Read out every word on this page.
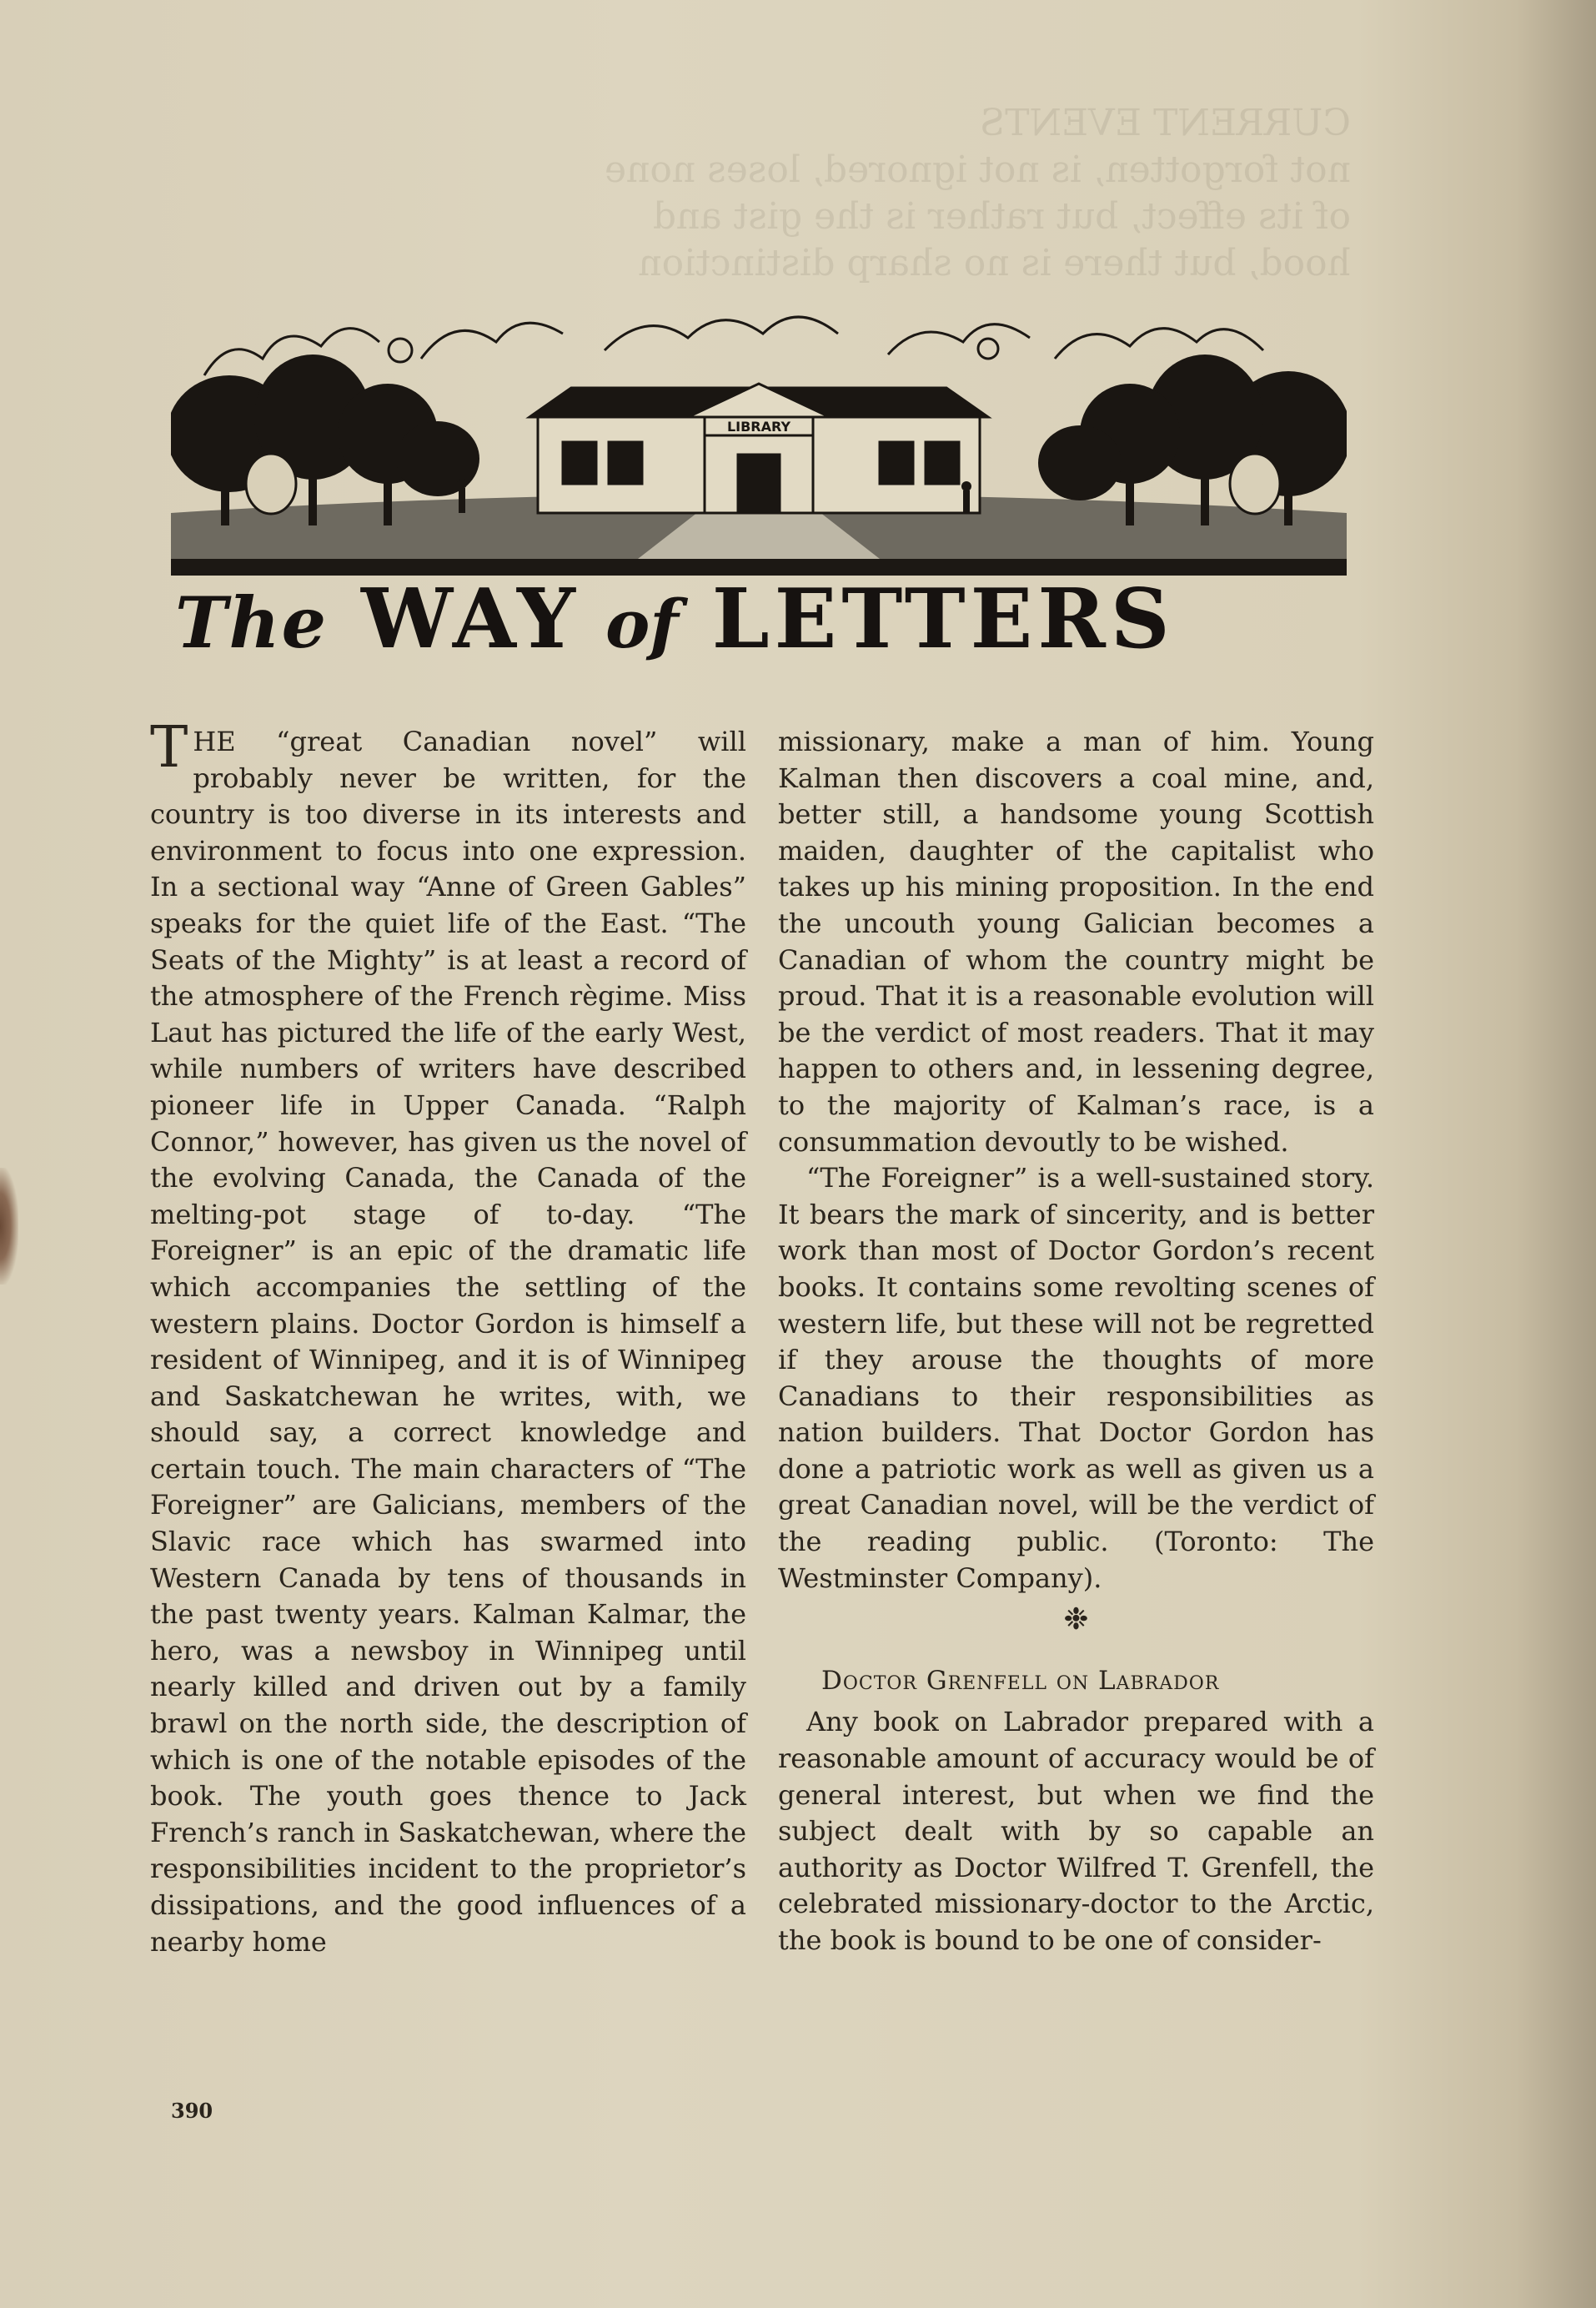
CURRENT EVENTS
not forgotten, is not ignored, loses none
of its effect, but rather is the gist and
hood, but there is no sharp distinction
LIBRARY
The WAY of LETTERS

THE “great Canadian novel” will probably never be written, for the country is too diverse in its interests and environment to focus into one expression. In a sectional way “Anne of Green Gables” speaks for the quiet life of the East. “The Seats of the Mighty” is at least a record of the atmosphere of the French règime. Miss Laut has pictured the life of the early West, while numbers of writers have described pioneer life in Upper Canada. “Ralph Connor,” however, has given us the novel of the evolving Canada, the Canada of the melting-pot stage of to-day. “The Foreigner” is an epic of the dramatic life which accompanies the settling of the western plains. Doctor Gordon is himself a resident of Winnipeg, and it is of Winnipeg and Saskatchewan he writes, with, we should say, a correct knowledge and certain touch. The main characters of “The Foreigner” are Galicians, members of the Slavic race which has swarmed into Western Canada by tens of thousands in the past twenty years. Kalman Kalmar, the hero, was a newsboy in Winnipeg until nearly killed and driven out by a family brawl on the north side, the description of which is one of the notable episodes of the book. The youth goes thence to Jack French’s ranch in Saskatchewan, where the responsibilities incident to the proprietor’s dissipations, and the good influences of a nearby home

missionary, make a man of him. Young Kalman then discovers a coal mine, and, better still, a handsome young Scottish maiden, daughter of the capitalist who takes up his mining proposition. In the end the uncouth young Galician becomes a Canadian of whom the country might be proud. That it is a reasonable evolution will be the verdict of most readers. That it may happen to others and, in lessening degree, to the majority of Kalman’s race, is a consummation devoutly to be wished.

“The Foreigner” is a well-sustained story. It bears the mark of sincerity, and is better work than most of Doctor Gordon’s recent books. It contains some revolting scenes of western life, but these will not be regretted if they arouse the thoughts of more Canadians to their responsibilities as nation builders. That Doctor Gordon has done a patriotic work as well as given us a great Canadian novel, will be the verdict of the reading public. (Toronto: The Westminster Company).

❉

Doctor Grenfell on Labrador

Any book on Labrador prepared with a reasonable amount of accuracy would be of general interest, but when we find the subject dealt with by so capable an authority as Doctor Wilfred T. Grenfell, the celebrated missionary-doctor to the Arctic, the book is bound to be one of consider-

390
